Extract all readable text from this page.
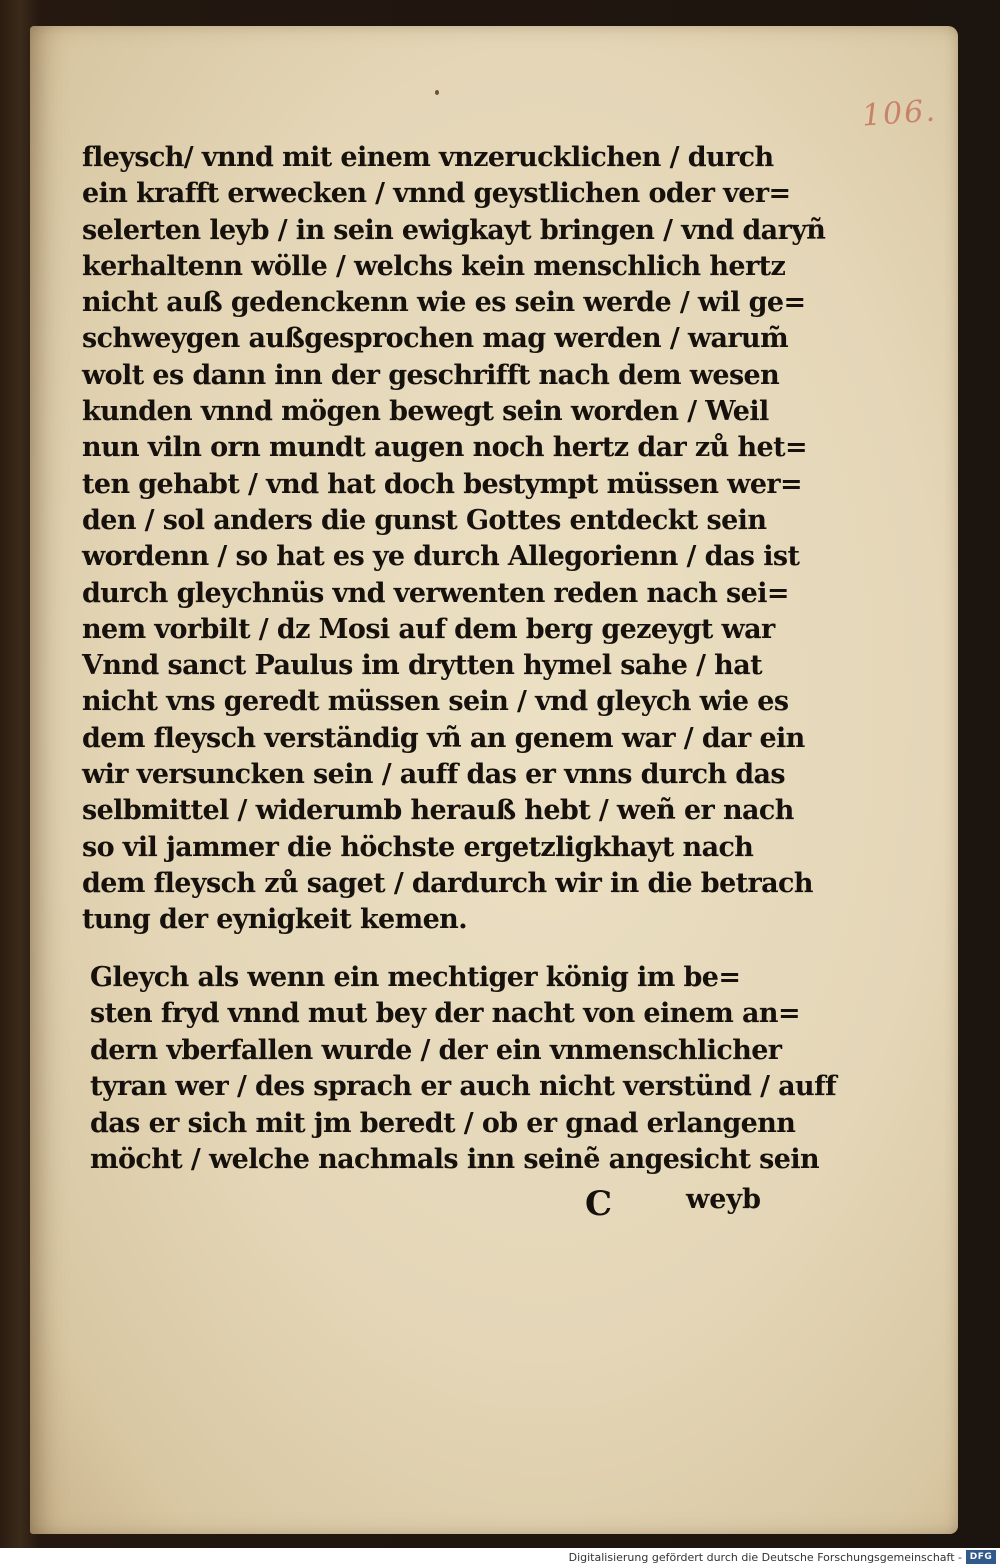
106.
fleysch/ vnnd mit einem vnzerucklichen / durch
ein krafft erwecken / vnnd geystlichen oder ver=
selerten leyb / in sein ewigkayt bringen / vnd daryñ
kerhaltenn wölle / welchs kein menschlich hertz
nicht auß gedenckenn wie es sein werde / wil ge=
schweygen außgesprochen mag werden / warum̃
wolt es dann inn der geschrifft nach dem wesen
kunden vnnd mögen bewegt sein worden / Weil
nun viln orn mundt augen noch hertz dar zů het=
ten gehabt / vnd hat doch bestympt müssen wer=
den / sol anders die gunst Gottes entdeckt sein
wordenn / so hat es ye durch Allegorienn / das ist
durch gleychnüs vnd verwenten reden nach sei=
nem vorbilt / dz Mosi auf dem berg gezeygt war
Vnnd sanct Paulus im drytten hymel sahe / hat
nicht vns geredt müssen sein / vnd gleych wie es
dem fleysch verständig vñ an genem war / dar ein
wir versuncken sein / auff das er vnns durch das
selbmittel / widerumb herauß hebt / weñ er nach
so vil jammer die höchste ergetzligkhayt nach
dem fleysch zů saget / dardurch wir in die betrach
tung der eynigkeit kemen.
Gleych als wenn ein mechtiger könig im be=
sten fryd vnnd mut bey der nacht von einem an=
dern vberfallen wurde / der ein vnmenschlicher
tyran wer / des sprach er auch nicht verstünd / auff
das er sich mit jm beredt / ob er gnad erlangenn
möcht / welche nachmals inn seinẽ angesicht sein
C	weyb
Digitalisierung gefördert durch die Deutsche Forschungsgemeinschaft - DFG
